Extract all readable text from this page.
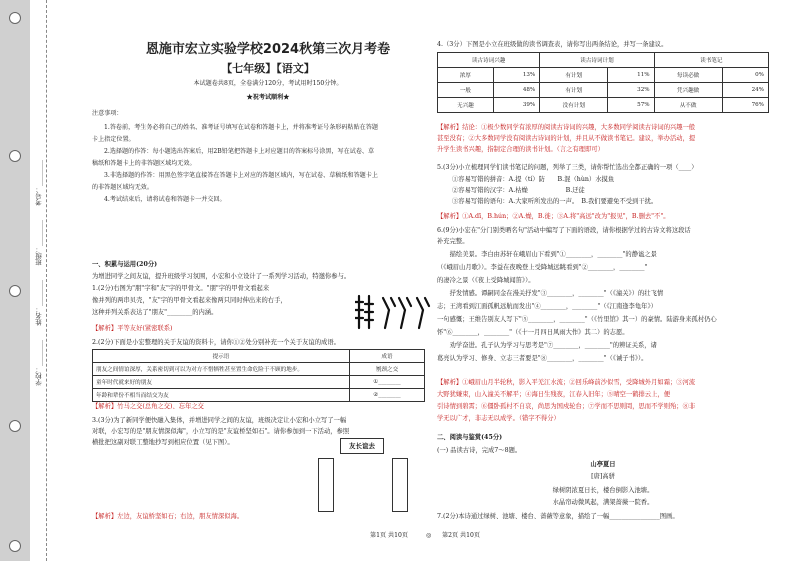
学校：________
姓名：________
班级：________
考号：________
恩施市宏立实验学校2024秋第三次月考卷
【七年级】【语文】
本试题卷共8页，全卷满分120分，考试用时150分钟。
★祝考试顺利★
注意事项：
1.答卷前，考生务必将自己的姓名、准考证号填写在试卷和答题卡上，并将准考证号条形码粘贴在答题
卡上指定位置。
2.选择题的作答：每小题选出答案后，用2B铅笔把答题卡上对应题目的答案标号涂黑，写在试卷、草
稿纸和答题卡上的非答题区域均无效。
3.非选择题的作答：用黑色签字笔直接答在答题卡上对应的答题区域内，写在试卷、草稿纸和答题卡上
的非答题区域均无效。
4.考试结束后，请将试卷和答题卡一并交回。
一、积累与运用(20分)
为增进同学之间友谊，提升班级学习氛围，小宏和小立设计了一系列学习活动，特邀你参与。
1.(2分)右图为"朋"字和"友"字的甲骨文。"朋"字的甲骨文看起来
像并列的两串贝壳，"友"字的甲骨文看起来像两只同时伸出来的右手，
这种并列关系表达了"朋友"________的内涵。
【解析】平等友好(紧密联系)
2.(2分)下面是小宏整理的关于友谊的资料卡，请你①②处分别补充一个关于友谊的成语。
提示语	成语
朋友之间情谊深厚，关系密切到可以为对方不惜牺牲甚至置生命危险于不顾的地步。	刎颈之交
童年时代就来好的朋友	①________
年龄和辈份不相当而结交为友	②________
【解析】竹马之交(总角之交)、忘年之交
3.(3分)为了新同学便快融入集体，并增进同学之间的友谊，班级决定让小宏和小立写了一幅
对联，小宏写的是"朋友情深似海"，小立写的是"友谊桥坚如石"。请你参加到一下活动，参照
横批把这副对联工整地抄写到相应位置（见下图）。	友长谊去
【解析】左边，友谊桥坚如石；右边，朋友情深似海。
4.（3分）下图是小立在班级做的读书调查表，请你写出两条结论，并写一条建议。
读古诗词兴趣		读古诗词计划		读书笔记	
浓厚	13%	有计划	11%	每读必做	0%
一般	48%	有计划	32%	凭兴趣做	24%
无兴趣	39%	没有计划	57%	从不做	76%
【解析】结论：①极少数同学有浓厚的阅读古诗词的兴趣，大多数同学阅读古诗词的兴趣一般
甚至没有；②大多数同学没有阅读古诗词的计划，并且从不做读书笔记。建议，举办活动，提
升学生读书兴趣，指制定合理的读书计划。（言之有理即可）
5.(3分)小立梳理同学们读书笔记的问题，列举了三类，请你帮忙选出全都正确的一项（____）
①容易写错的拼音：A.提（tí）防　　B.混（hùn）水摸鱼
②容易写错的汉字：A.枯燥　　　　　　B.迂徒
③容易写错的语句：A.大家听所发出的一声。　B.我们要避免不受到干扰。
【解析】①A.dī，B.hún；②A.燥，B.徙；③A.将"高远"改为"报见"，B.删去"不"。
6.(9分)小宏在"分门别类晒名句"活动中编写了下面的语段，请你根据学过的古诗文将这段话
补充完整。
　　描绘美景。李白由苏轩在峨眉山下看到"①________，________"的静谧之景
（《峨眉山月歌》）。李益在夜晚登上受降城远眺看到"②________，________"
的凄冷之景（《夜上受降城闻笛》）。
　　抒发情感。谭嗣同金在漫关抒发"③________，________"（《潼关》）的壮飞情
志；王湾看到江面孤帆远航而发出"④________，________"（《江南逢李龟年》）
一句感慨；王维告别友人写下"⑤________，________"（《竹里馆》其一）的豪情。陆游身来孤村仍心
怀"⑥________，________"（《十一月四日风雨大作》其二）的志愿。
　　劝学奋进。孔子认为学习与思考是"⑦________，________"的辨证关系，诸
葛亮认为学习、修身、立志三者要是"⑧________，________"（《诫子书》）。
【解析】①峨眉山月半轮秋，影入平羌江水流；②回乐峰前沙似雪，受降城外月如霜；③河流
大野犹嫌束，山入潼关不解平；④海日生残夜，江春入旧年；⑤晴空一鹤排云上，便
引诗情到碧霄；⑥僵卧孤村不自哀，尚思为国戍轮台；⑦学而不思则罔，思而不学则殆；⑧非
学无以广才，非志无以成学。（错字不得分）
二、阅读与鉴赏(45分)
(一) 品读古诗，完成7～8题。
山亭夏日
[唐]高骈
绿树阴浓夏日长，楼台倒影入池塘。
水晶帘动微风起，满架蔷薇一院香。
7.(2分)本诗通过绿树、池塘、楼台、蔷薇等意象，描绘了一幅________________图画。
第1页 共10页	◎ 第2页 共10页
